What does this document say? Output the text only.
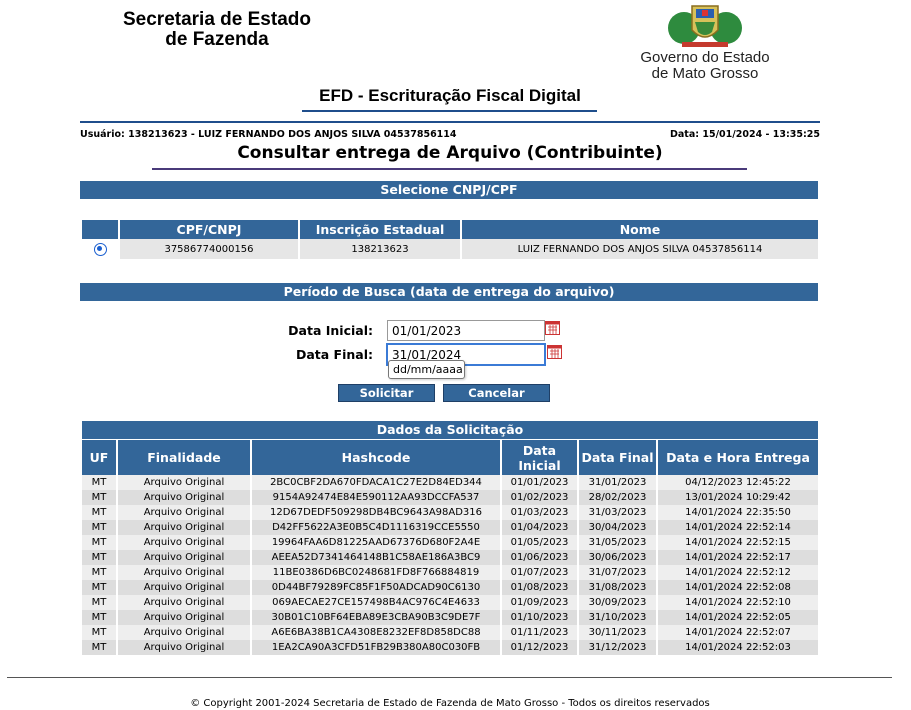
Secretaria de Estado
de Fazenda
Governo do Estado
de Mato Grosso
EFD - Escrituração Fiscal Digital
Usuário: 138213623 - LUIZ FERNANDO DOS ANJOS SILVA 04537856114	Data: 15/01/2024 - 13:35:25
Consultar entrega de Arquivo (Contribuinte)
Selecione CNPJ/CPF
	CPF/CNPJ	Inscrição Estadual	Nome
	37586774000156	138213623	LUIZ FERNANDO DOS ANJOS SILVA 04537856114
Período de Busca (data de entrega do arquivo)
Data Inicial:
01/01/2023
Data Final:
31/01/2024
dd/mm/aaaa
Solicitar	Cancelar
Dados da Solicitação
UF	Finalidade	Hashcode	Data Inicial	Data Final	Data e Hora Entrega
MT	Arquivo Original	2BC0CBF2DA670FDACA1C27E2D84ED344	01/01/2023	31/01/2023	04/12/2023 12:45:22
MT	Arquivo Original	9154A92474E84E590112AA93DCCFA537	01/02/2023	28/02/2023	13/01/2024 10:29:42
MT	Arquivo Original	12D67DEDF509298DB4BC9643A98AD316	01/03/2023	31/03/2023	14/01/2024 22:35:50
MT	Arquivo Original	D42FF5622A3E0B5C4D1116319CCE5550	01/04/2023	30/04/2023	14/01/2024 22:52:14
MT	Arquivo Original	19964FAA6D81225AAD67376D680F2A4E	01/05/2023	31/05/2023	14/01/2024 22:52:15
MT	Arquivo Original	AEEA52D7341464148B1C58AE186A3BC9	01/06/2023	30/06/2023	14/01/2024 22:52:17
MT	Arquivo Original	11BE0386D6BC0248681FD8F766884819	01/07/2023	31/07/2023	14/01/2024 22:52:12
MT	Arquivo Original	0D44BF79289FC85F1F50ADCAD90C6130	01/08/2023	31/08/2023	14/01/2024 22:52:08
MT	Arquivo Original	069AECAE27CE157498B4AC976C4E4633	01/09/2023	30/09/2023	14/01/2024 22:52:10
MT	Arquivo Original	30B01C10BF64EBA89E3CBA90B3C9DE7F	01/10/2023	31/10/2023	14/01/2024 22:52:05
MT	Arquivo Original	A6E6BA38B1CA4308E8232EF8D858DC88	01/11/2023	30/11/2023	14/01/2024 22:52:07
MT	Arquivo Original	1EA2CA90A3CFD51FB29B380A80C030FB	01/12/2023	31/12/2023	14/01/2024 22:52:03
© Copyright 2001-2024 Secretaria de Estado de Fazenda de Mato Grosso - Todos os direitos reservados
